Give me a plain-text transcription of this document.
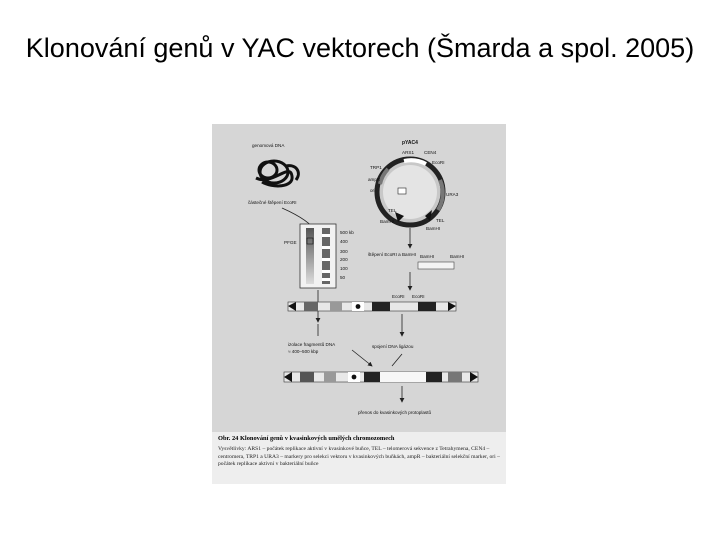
Klonování genů v YAC vektorech (Šmarda a spol. 2005)
genomová DNA
částečné štěpení EcoRI
pYAC4
ARS1 CEN4
EcoRI
TRP1
ampR
ori
URA3
TEL
TEL
BamHI
BamHI
PFGE
500 kb
400
300
200
100
50
štěpení EcoRI a BamHI BamHI	BamHI
EcoRI EcoRI
izolace fragmentů DNA
≈ 400–500 kbp
spojení DNA ligázou
přenos do kvasinkových protoplastů
Obr. 24 Klonování genů v kvasinkových umělých chromozomech
Vysvětlivky: ARS1 – počátek replikace aktivní v kvasinkové buňce, TEL – telomerová sekvence z Tetrahymena, CEN4 – centromera, TRP1 a URA3 – markery pro selekci vektoru v kvasinkových buňkách, ampR – bakteriální selekční marker, ori – počátek replikace aktivní v bakteriální buňce
